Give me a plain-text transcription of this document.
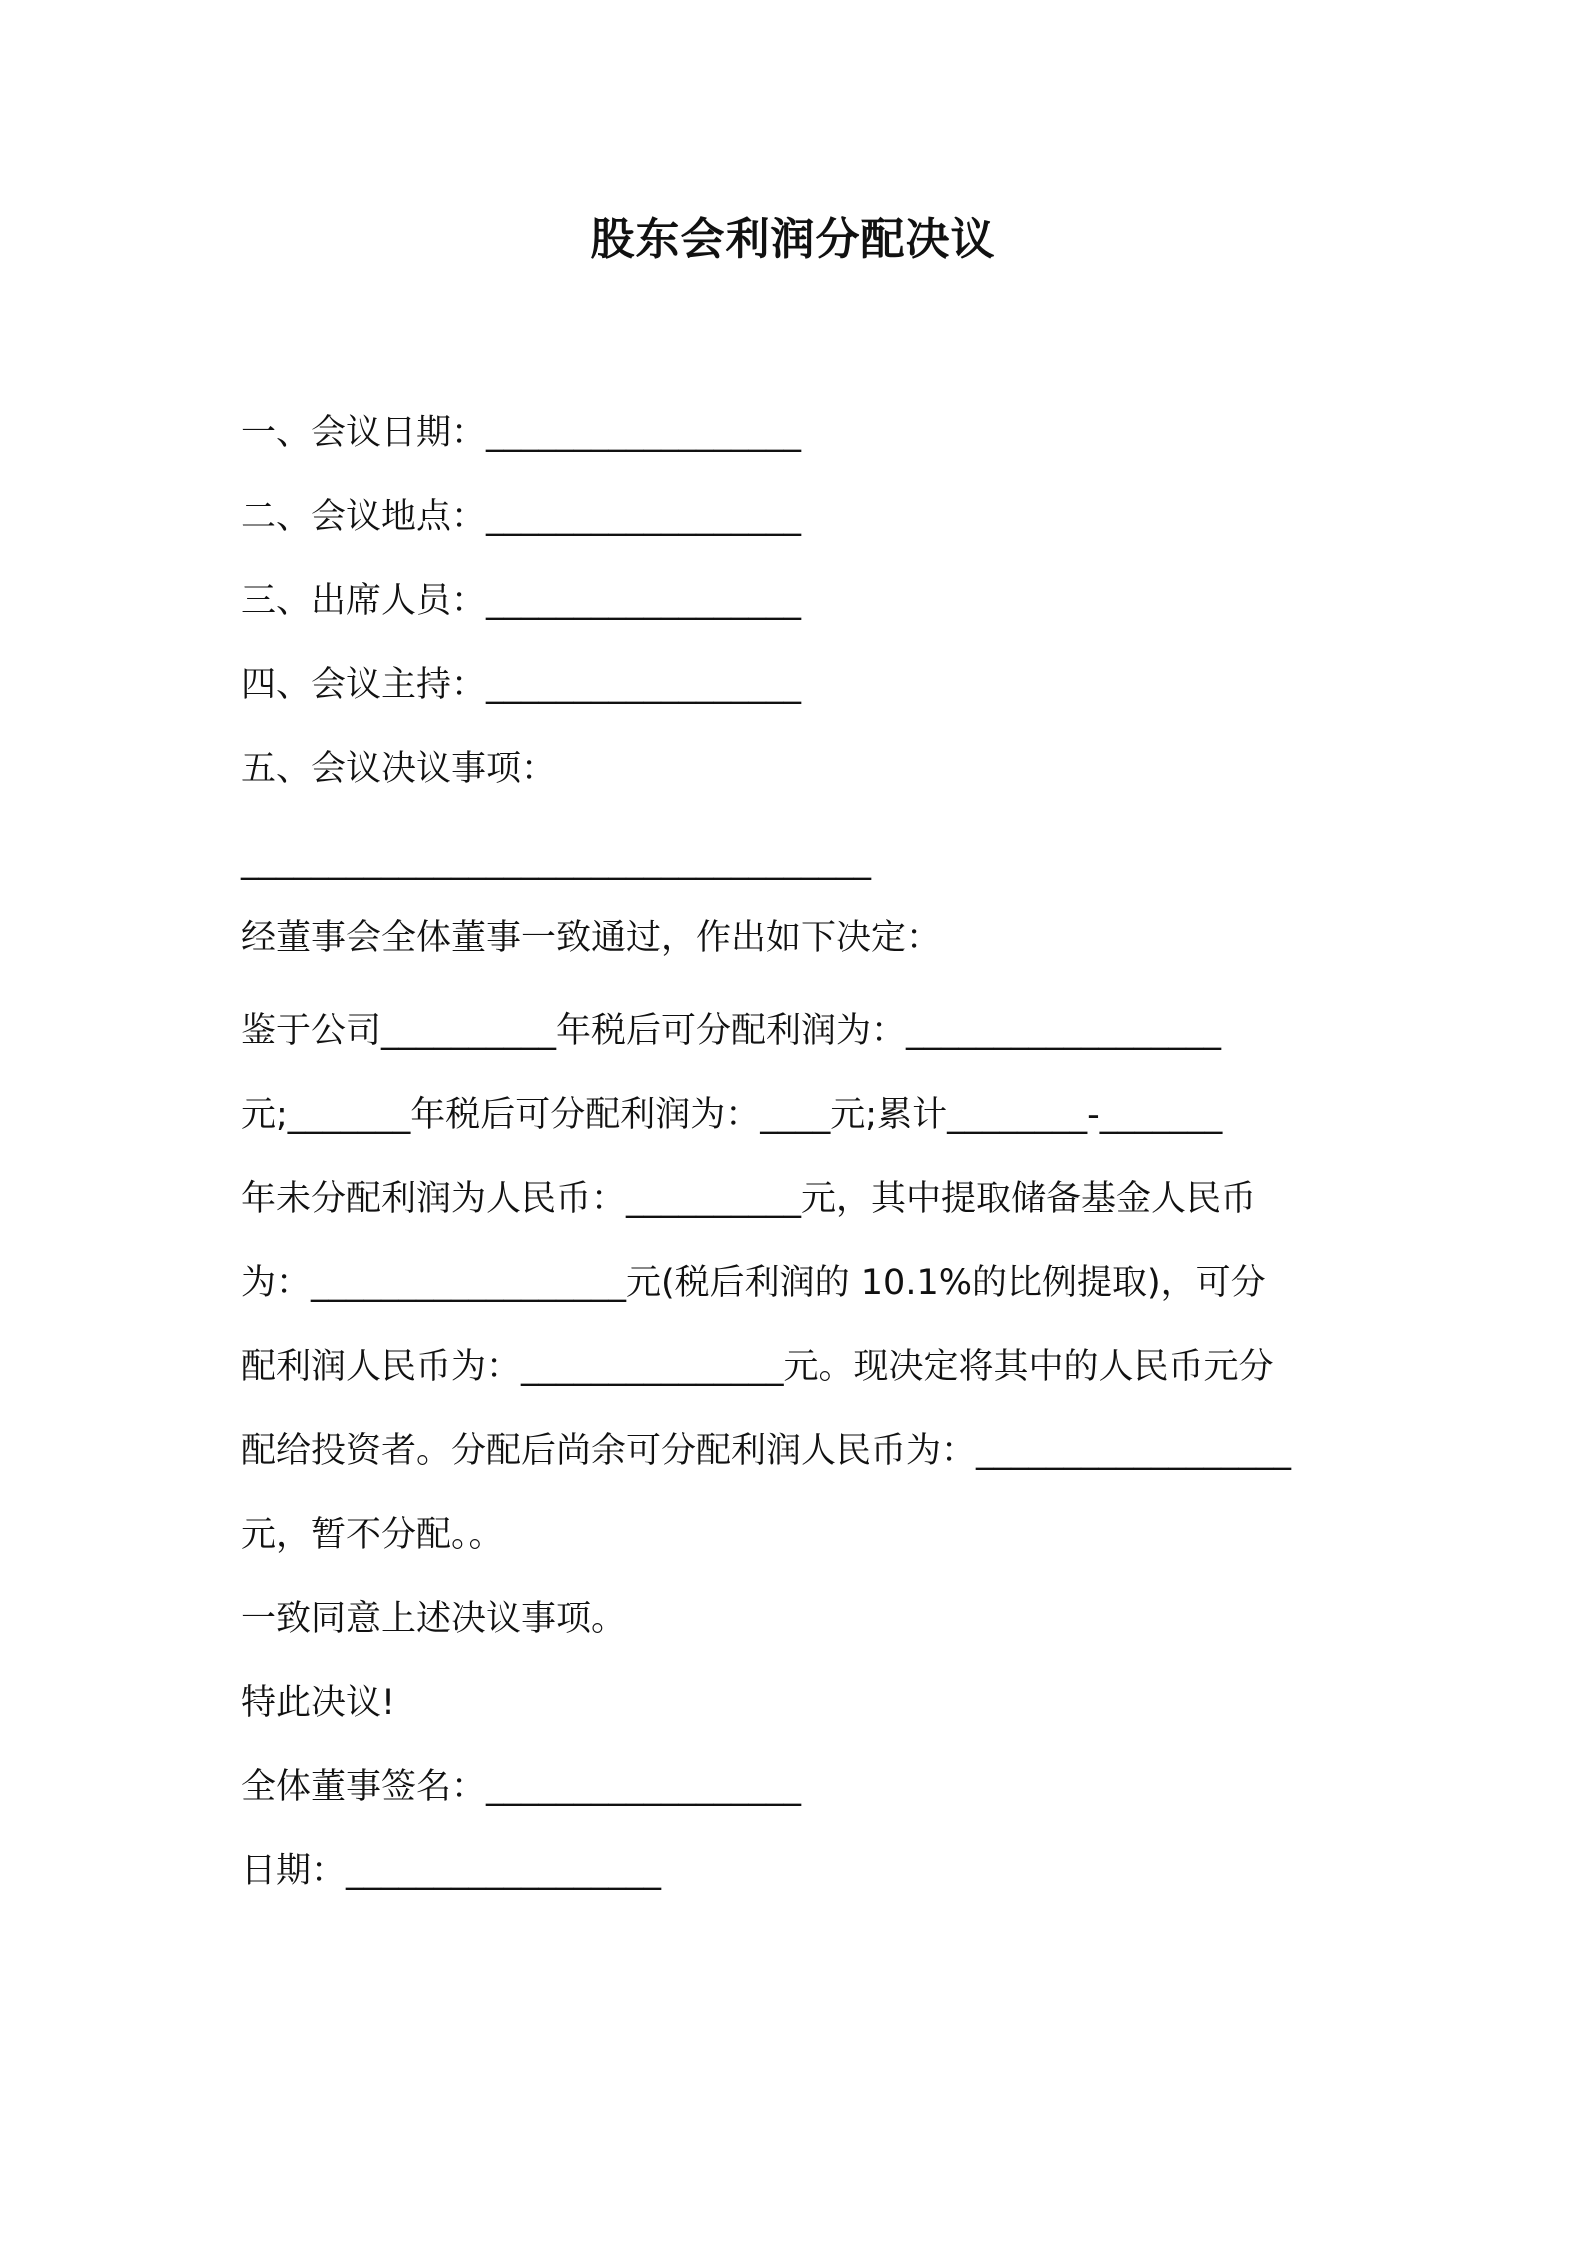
股东会利润分配决议
一、会议日期：__________________
二、会议地点：__________________
三、出席人员：__________________
四、会议主持：__________________
五、会议决议事项：
____________________________________
经董事会全体董事一致通过，作出如下决定：
鉴于公司__________年税后可分配利润为：__________________
元;_______年税后可分配利润为：____元;累计________-_______
年未分配利润为人民币：__________元，其中提取储备基金人民币
为：__________________元(税后利润的 10.1%的比例提取)，可分
配利润人民币为：_______________元。现决定将其中的人民币元分
配给投资者。分配后尚余可分配利润人民币为：__________________
元，暂不分配。。
一致同意上述决议事项。
特此决议!
全体董事签名：__________________
日期：__________________
